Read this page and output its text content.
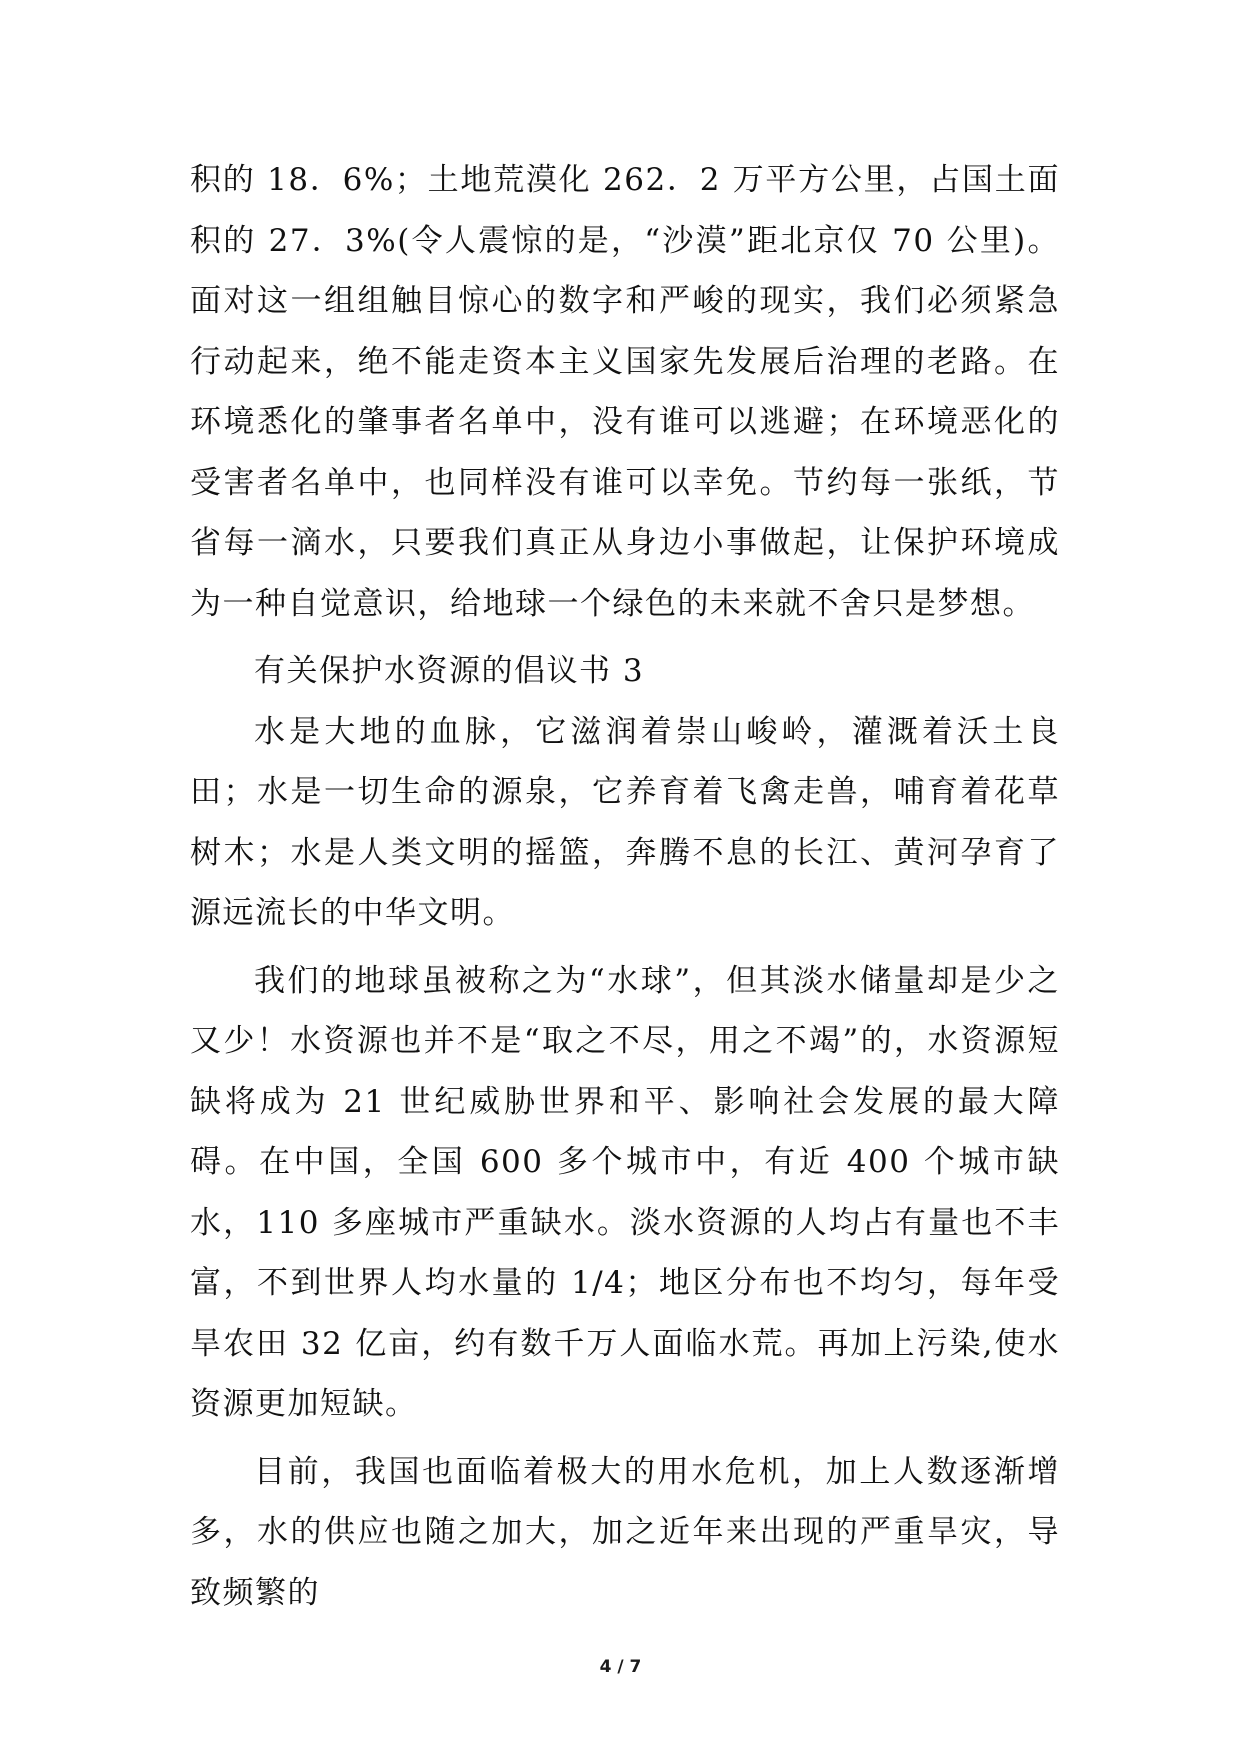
积的 18．6%；土地荒漠化 262．2 万平方公里，占国土面积的 27．3%(令人震惊的是，“沙漠”距北京仅 70 公里)。面对这一组组触目惊心的数字和严峻的现实，我们必须紧急行动起来，绝不能走资本主义国家先发展后治理的老路。在环境悉化的肇事者名单中，没有谁可以逃避；在环境恶化的受害者名单中，也同样没有谁可以幸免。节约每一张纸，节省每一滴水，只要我们真正从身边小事做起，让保护环境成为一种自觉意识，给地球一个绿色的未来就不舍只是梦想。

有关保护水资源的倡议书 3

水是大地的血脉，它滋润着崇山峻岭，灌溉着沃土良田；水是一切生命的源泉，它养育着飞禽走兽，哺育着花草树木；水是人类文明的摇篮，奔腾不息的长江、黄河孕育了源远流长的中华文明。

我们的地球虽被称之为“水球”，但其淡水储量却是少之又少！水资源也并不是“取之不尽，用之不竭”的，水资源短缺将成为 21 世纪威胁世界和平、影响社会发展的最大障碍。在中国，全国 600 多个城市中，有近 400 个城市缺水，110 多座城市严重缺水。淡水资源的人均占有量也不丰富，不到世界人均水量的 1/4；地区分布也不均匀，每年受旱农田 32 亿亩，约有数千万人面临水荒。再加上污染,使水资源更加短缺。

目前，我国也面临着极大的用水危机，加上人数逐渐增多，水的供应也随之加大，加之近年来出现的严重旱灾，导致频繁的

4 / 7
